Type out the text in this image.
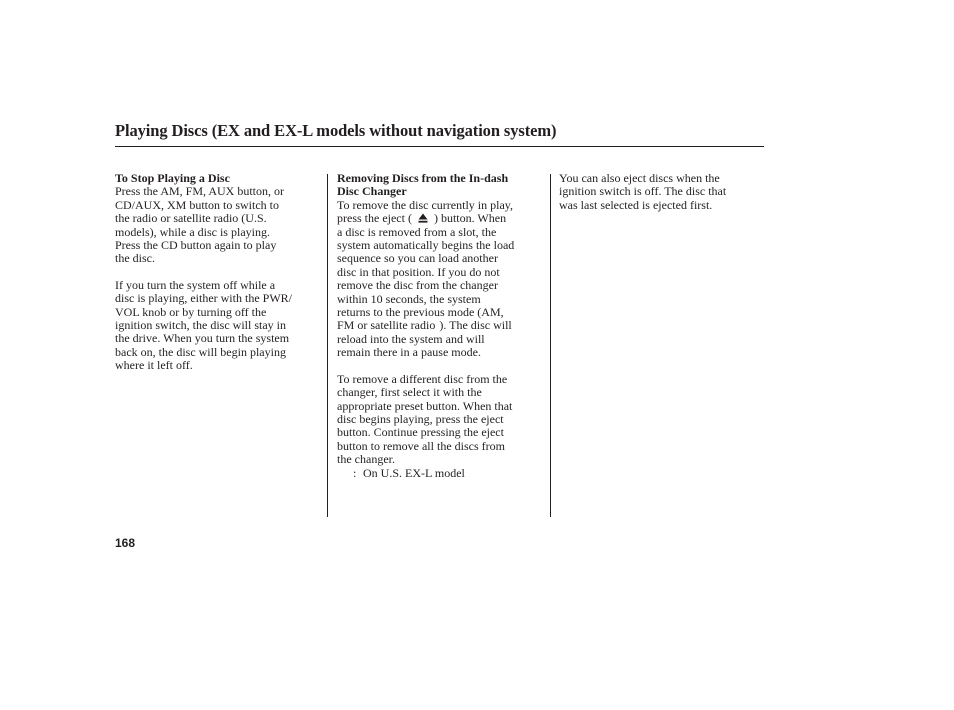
Playing Discs (EX and EX-L models without navigation system)

To Stop Playing a Disc

Press the AM, FM, AUX button, or
CD/AUX, XM button to switch to
the radio or satellite radio (U.S.
models), while a disc is playing.
Press the CD button again to play
the disc.

If you turn the system off while a
disc is playing, either with the PWR/
VOL knob or by turning off the
ignition switch, the disc will stay in
the drive. When you turn the system
back on, the disc will begin playing
where it left off.

Removing Discs from the In-dash
Disc Changer

To remove the disc currently in play,
press the eject ( ) button. When
a disc is removed from a slot, the
system automatically begins the load
sequence so you can load another
disc in that position. If you do not
remove the disc from the changer
within 10 seconds, the system
returns to the previous mode (AM,
FM or satellite radio ). The disc will
reload into the system and will
remain there in a pause mode.

To remove a different disc from the
changer, first select it with the
appropriate preset button. When that
disc begins playing, press the eject
button. Continue pressing the eject
button to remove all the discs from
the changer.

: On U.S. EX-L model

You can also eject discs when the
ignition switch is off. The disc that
was last selected is ejected first.

168
